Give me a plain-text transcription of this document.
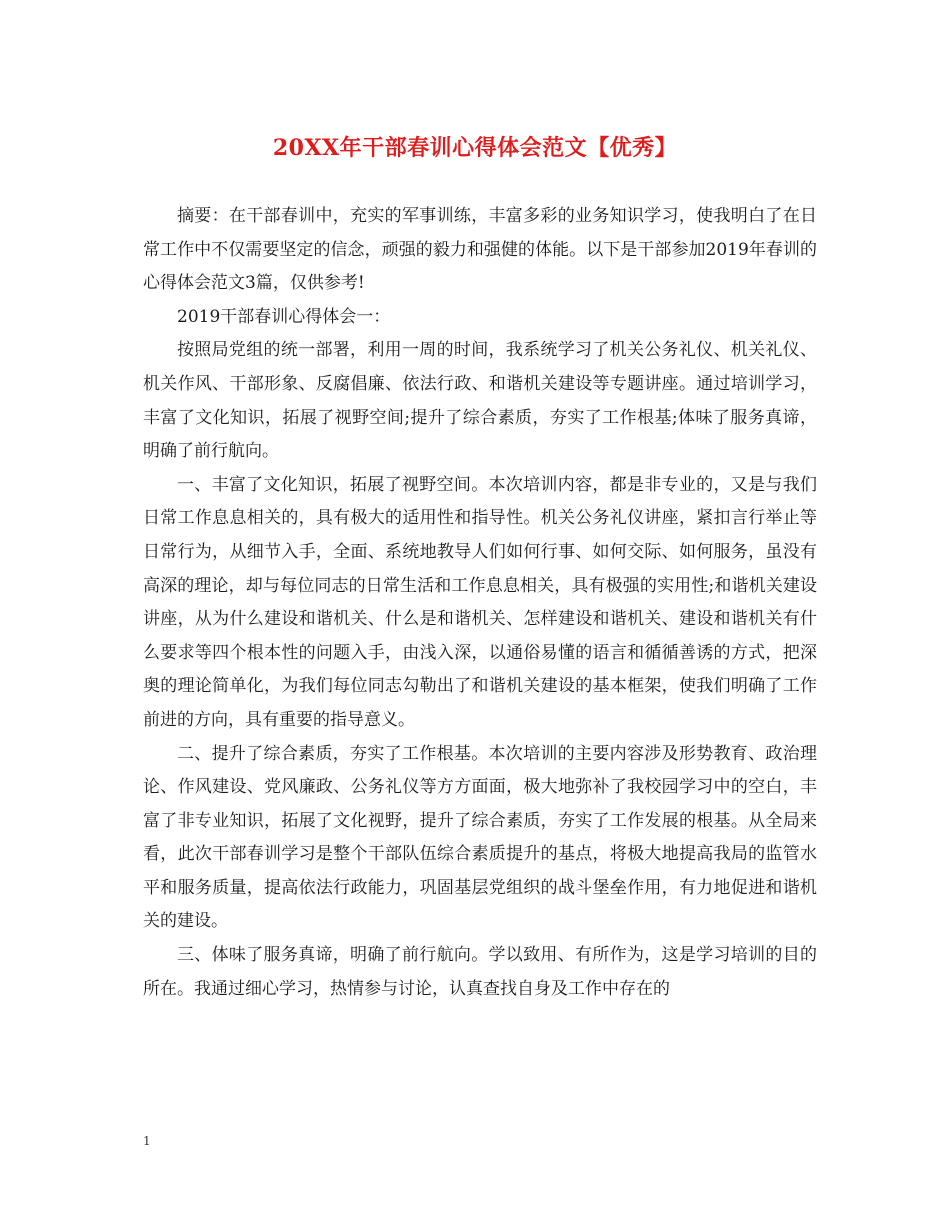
20XX年干部春训心得体会范文【优秀】

摘要：在干部春训中，充实的军事训练，丰富多彩的业务知识学习，使我明白了在日常工作中不仅需要坚定的信念，顽强的毅力和强健的体能。以下是干部参加2019年春训的心得体会范文3篇，仅供参考!

2019干部春训心得体会一：

按照局党组的统一部署，利用一周的时间，我系统学习了机关公务礼仪、机关礼仪、机关作风、干部形象、反腐倡廉、依法行政、和谐机关建设等专题讲座。通过培训学习，丰富了文化知识，拓展了视野空间;提升了综合素质，夯实了工作根基;体味了服务真谛，明确了前行航向。

一、丰富了文化知识，拓展了视野空间。本次培训内容，都是非专业的，又是与我们日常工作息息相关的，具有极大的适用性和指导性。机关公务礼仪讲座，紧扣言行举止等日常行为，从细节入手，全面、系统地教导人们如何行事、如何交际、如何服务，虽没有高深的理论，却与每位同志的日常生活和工作息息相关，具有极强的实用性;和谐机关建设讲座，从为什么建设和谐机关、什么是和谐机关、怎样建设和谐机关、建设和谐机关有什么要求等四个根本性的问题入手，由浅入深，以通俗易懂的语言和循循善诱的方式，把深奥的理论简单化，为我们每位同志勾勒出了和谐机关建设的基本框架，使我们明确了工作前进的方向，具有重要的指导意义。

二、提升了综合素质，夯实了工作根基。本次培训的主要内容涉及形势教育、政治理论、作风建设、党风廉政、公务礼仪等方方面面，极大地弥补了我校园学习中的空白，丰富了非专业知识，拓展了文化视野，提升了综合素质，夯实了工作发展的根基。从全局来看，此次干部春训学习是整个干部队伍综合素质提升的基点，将极大地提高我局的监管水平和服务质量，提高依法行政能力，巩固基层党组织的战斗堡垒作用，有力地促进和谐机关的建设。

三、体味了服务真谛，明确了前行航向。学以致用、有所作为，这是学习培训的目的所在。我通过细心学习，热情参与讨论，认真查找自身及工作中存在的

1
